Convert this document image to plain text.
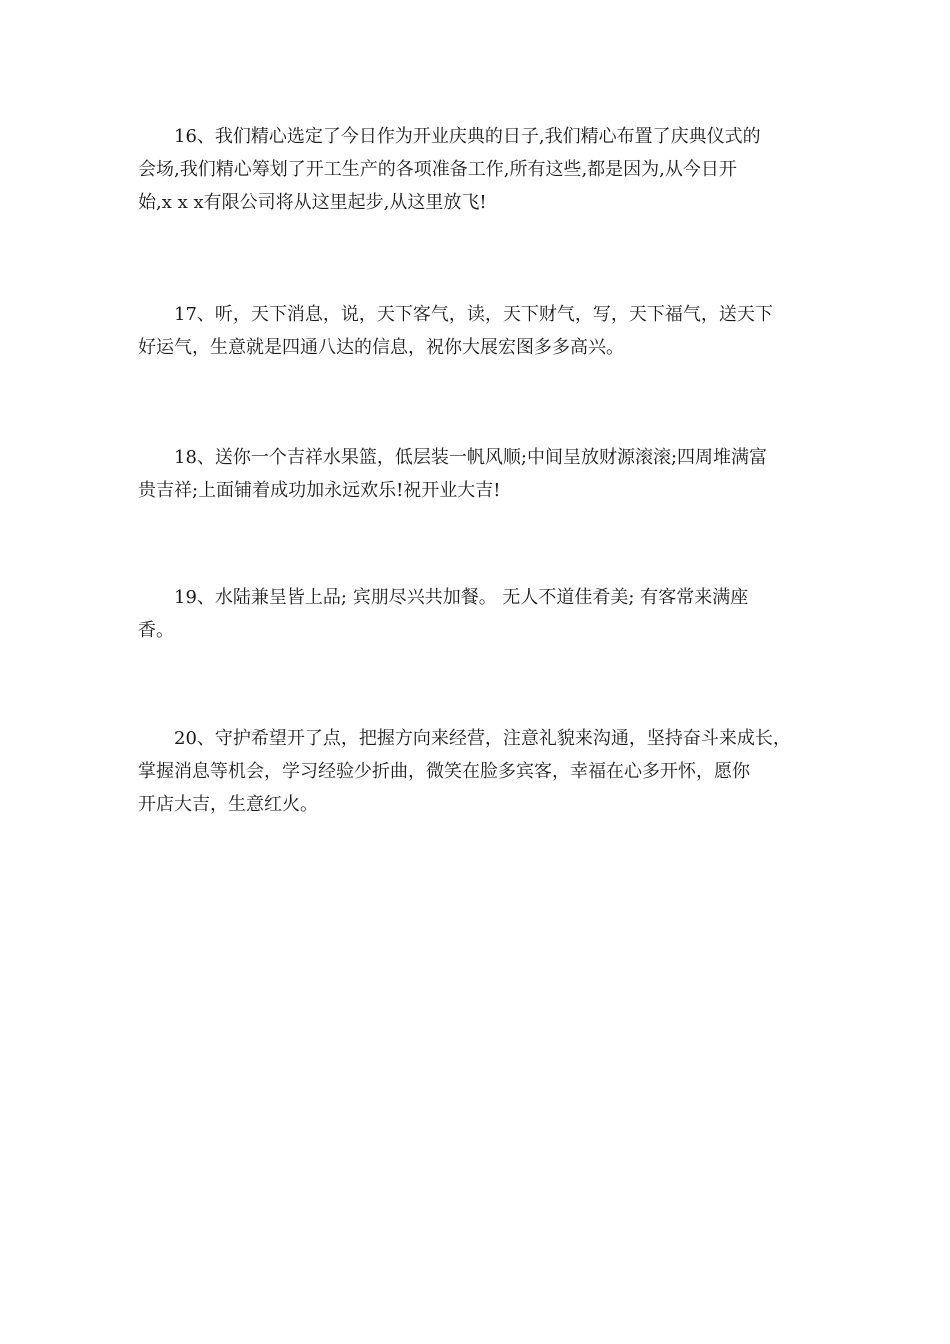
16、我们精心选定了今日作为开业庆典的日子,我们精心布置了庆典仪式的
会场,我们精心筹划了开工生产的各项准备工作,所有这些,都是因为,从今日开
始,x x x有限公司将从这里起步,从这里放飞!

17、听，天下消息，说，天下客气，读，天下财气，写，天下福气，送天下
好运气，生意就是四通八达的信息，祝你大展宏图多多高兴。

18、送你一个吉祥水果篮，低层装一帆风顺;中间呈放财源滚滚;四周堆满富
贵吉祥;上面铺着成功加永远欢乐!祝开业大吉!

19、水陆兼呈皆上品; 宾朋尽兴共加餐。 无人不道佳肴美; 有客常来满座
香。

20、守护希望开了点，把握方向来经营，注意礼貌来沟通，坚持奋斗来成长，
掌握消息等机会，学习经验少折曲，微笑在脸多宾客，幸福在心多开怀，愿你
开店大吉，生意红火。
